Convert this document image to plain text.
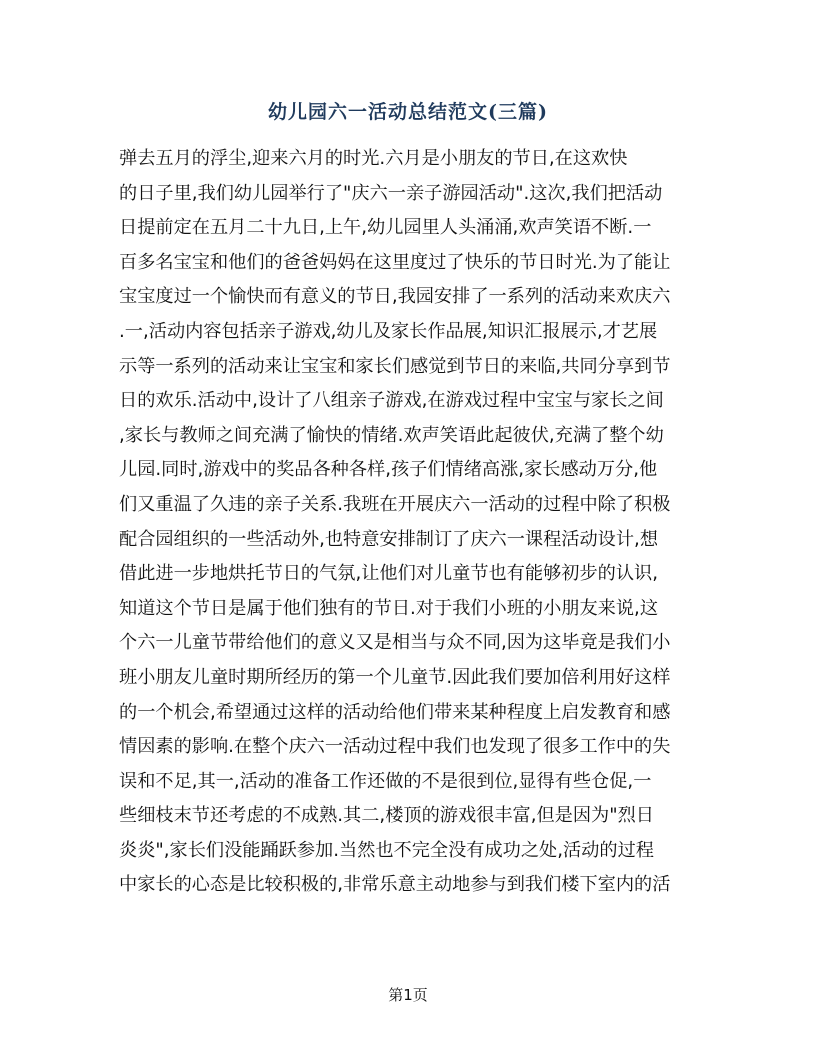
幼儿园六一活动总结范文(三篇)
弹去五月的浮尘,迎来六月的时光.六月是小朋友的节日,在这欢快
的日子里,我们幼儿园举行了"庆六一亲子游园活动".这次,我们把活动
日提前定在五月二十九日,上午,幼儿园里人头涌涌,欢声笑语不断.一
百多名宝宝和他们的爸爸妈妈在这里度过了快乐的节日时光.为了能让
宝宝度过一个愉快而有意义的节日,我园安排了一系列的活动来欢庆六
.一,活动内容包括亲子游戏,幼儿及家长作品展,知识汇报展示,才艺展
示等一系列的活动来让宝宝和家长们感觉到节日的来临,共同分享到节
日的欢乐.活动中,设计了八组亲子游戏,在游戏过程中宝宝与家长之间
,家长与教师之间充满了愉快的情绪.欢声笑语此起彼伏,充满了整个幼
儿园.同时,游戏中的奖品各种各样,孩子们情绪高涨,家长感动万分,他
们又重温了久违的亲子关系.我班在开展庆六一活动的过程中除了积极
配合园组织的一些活动外,也特意安排制订了庆六一课程活动设计,想
借此进一步地烘托节日的气氛,让他们对儿童节也有能够初步的认识,
知道这个节日是属于他们独有的节日.对于我们小班的小朋友来说,这
个六一儿童节带给他们的意义又是相当与众不同,因为这毕竟是我们小
班小朋友儿童时期所经历的第一个儿童节.因此我们要加倍利用好这样
的一个机会,希望通过这样的活动给他们带来某种程度上启发教育和感
情因素的影响.在整个庆六一活动过程中我们也发现了很多工作中的失
误和不足,其一,活动的准备工作还做的不是很到位,显得有些仓促,一
些细枝末节还考虑的不成熟.其二,楼顶的游戏很丰富,但是因为"烈日
炎炎",家长们没能踊跃参加.当然也不完全没有成功之处,活动的过程
中家长的心态是比较积极的,非常乐意主动地参与到我们楼下室内的活
第1页
